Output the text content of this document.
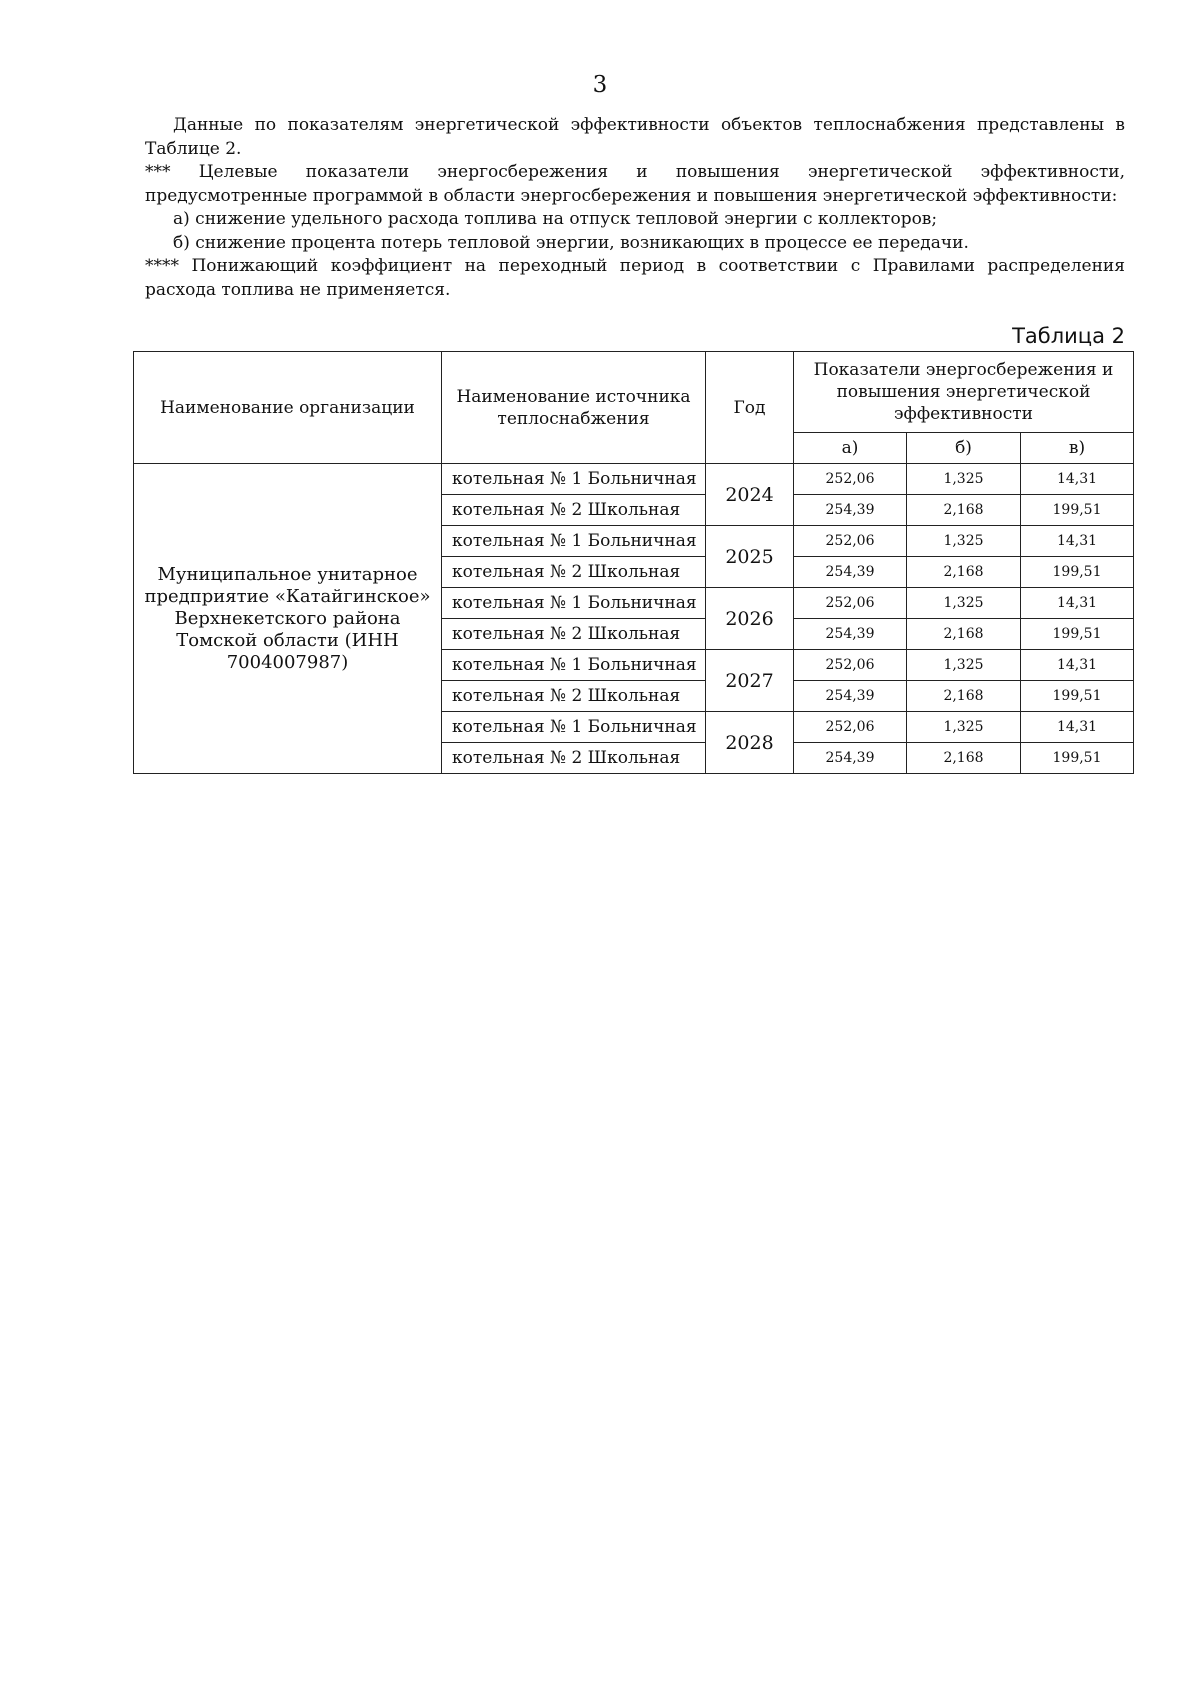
3

Данные по показателям энергетической эффективности объектов теплоснабжения представлены в Таблице 2.

*** Целевые показатели энергосбережения и повышения энергетической эффективности, предусмотренные программой в области энергосбережения и повышения энергетической эффективности:

а) снижение удельного расхода топлива на отпуск тепловой энергии с коллекторов;

б) снижение процента потерь тепловой энергии, возникающих в процессе ее передачи.

**** Понижающий коэффициент на переходный период в соответствии с Правилами распределения расхода топлива не применяется.

Таблица 2
Наименование организации	Наименование источника теплоснабжения	Год	Показатели энергосбережения и повышения энергетической эффективности		
			а)	б)	в)
Муниципальное унитарное предприятие «Катайгинское» Верхнекетского района Томской области (ИНН 7004007987)	котельная № 1 Больничная	2024	252,06	1,325	14,31
	котельная № 2 Школьная		254,39	2,168	199,51
	котельная № 1 Больничная	2025	252,06	1,325	14,31
	котельная № 2 Школьная		254,39	2,168	199,51
	котельная № 1 Больничная	2026	252,06	1,325	14,31
	котельная № 2 Школьная		254,39	2,168	199,51
	котельная № 1 Больничная	2027	252,06	1,325	14,31
	котельная № 2 Школьная		254,39	2,168	199,51
	котельная № 1 Больничная	2028	252,06	1,325	14,31
	котельная № 2 Школьная		254,39	2,168	199,51
